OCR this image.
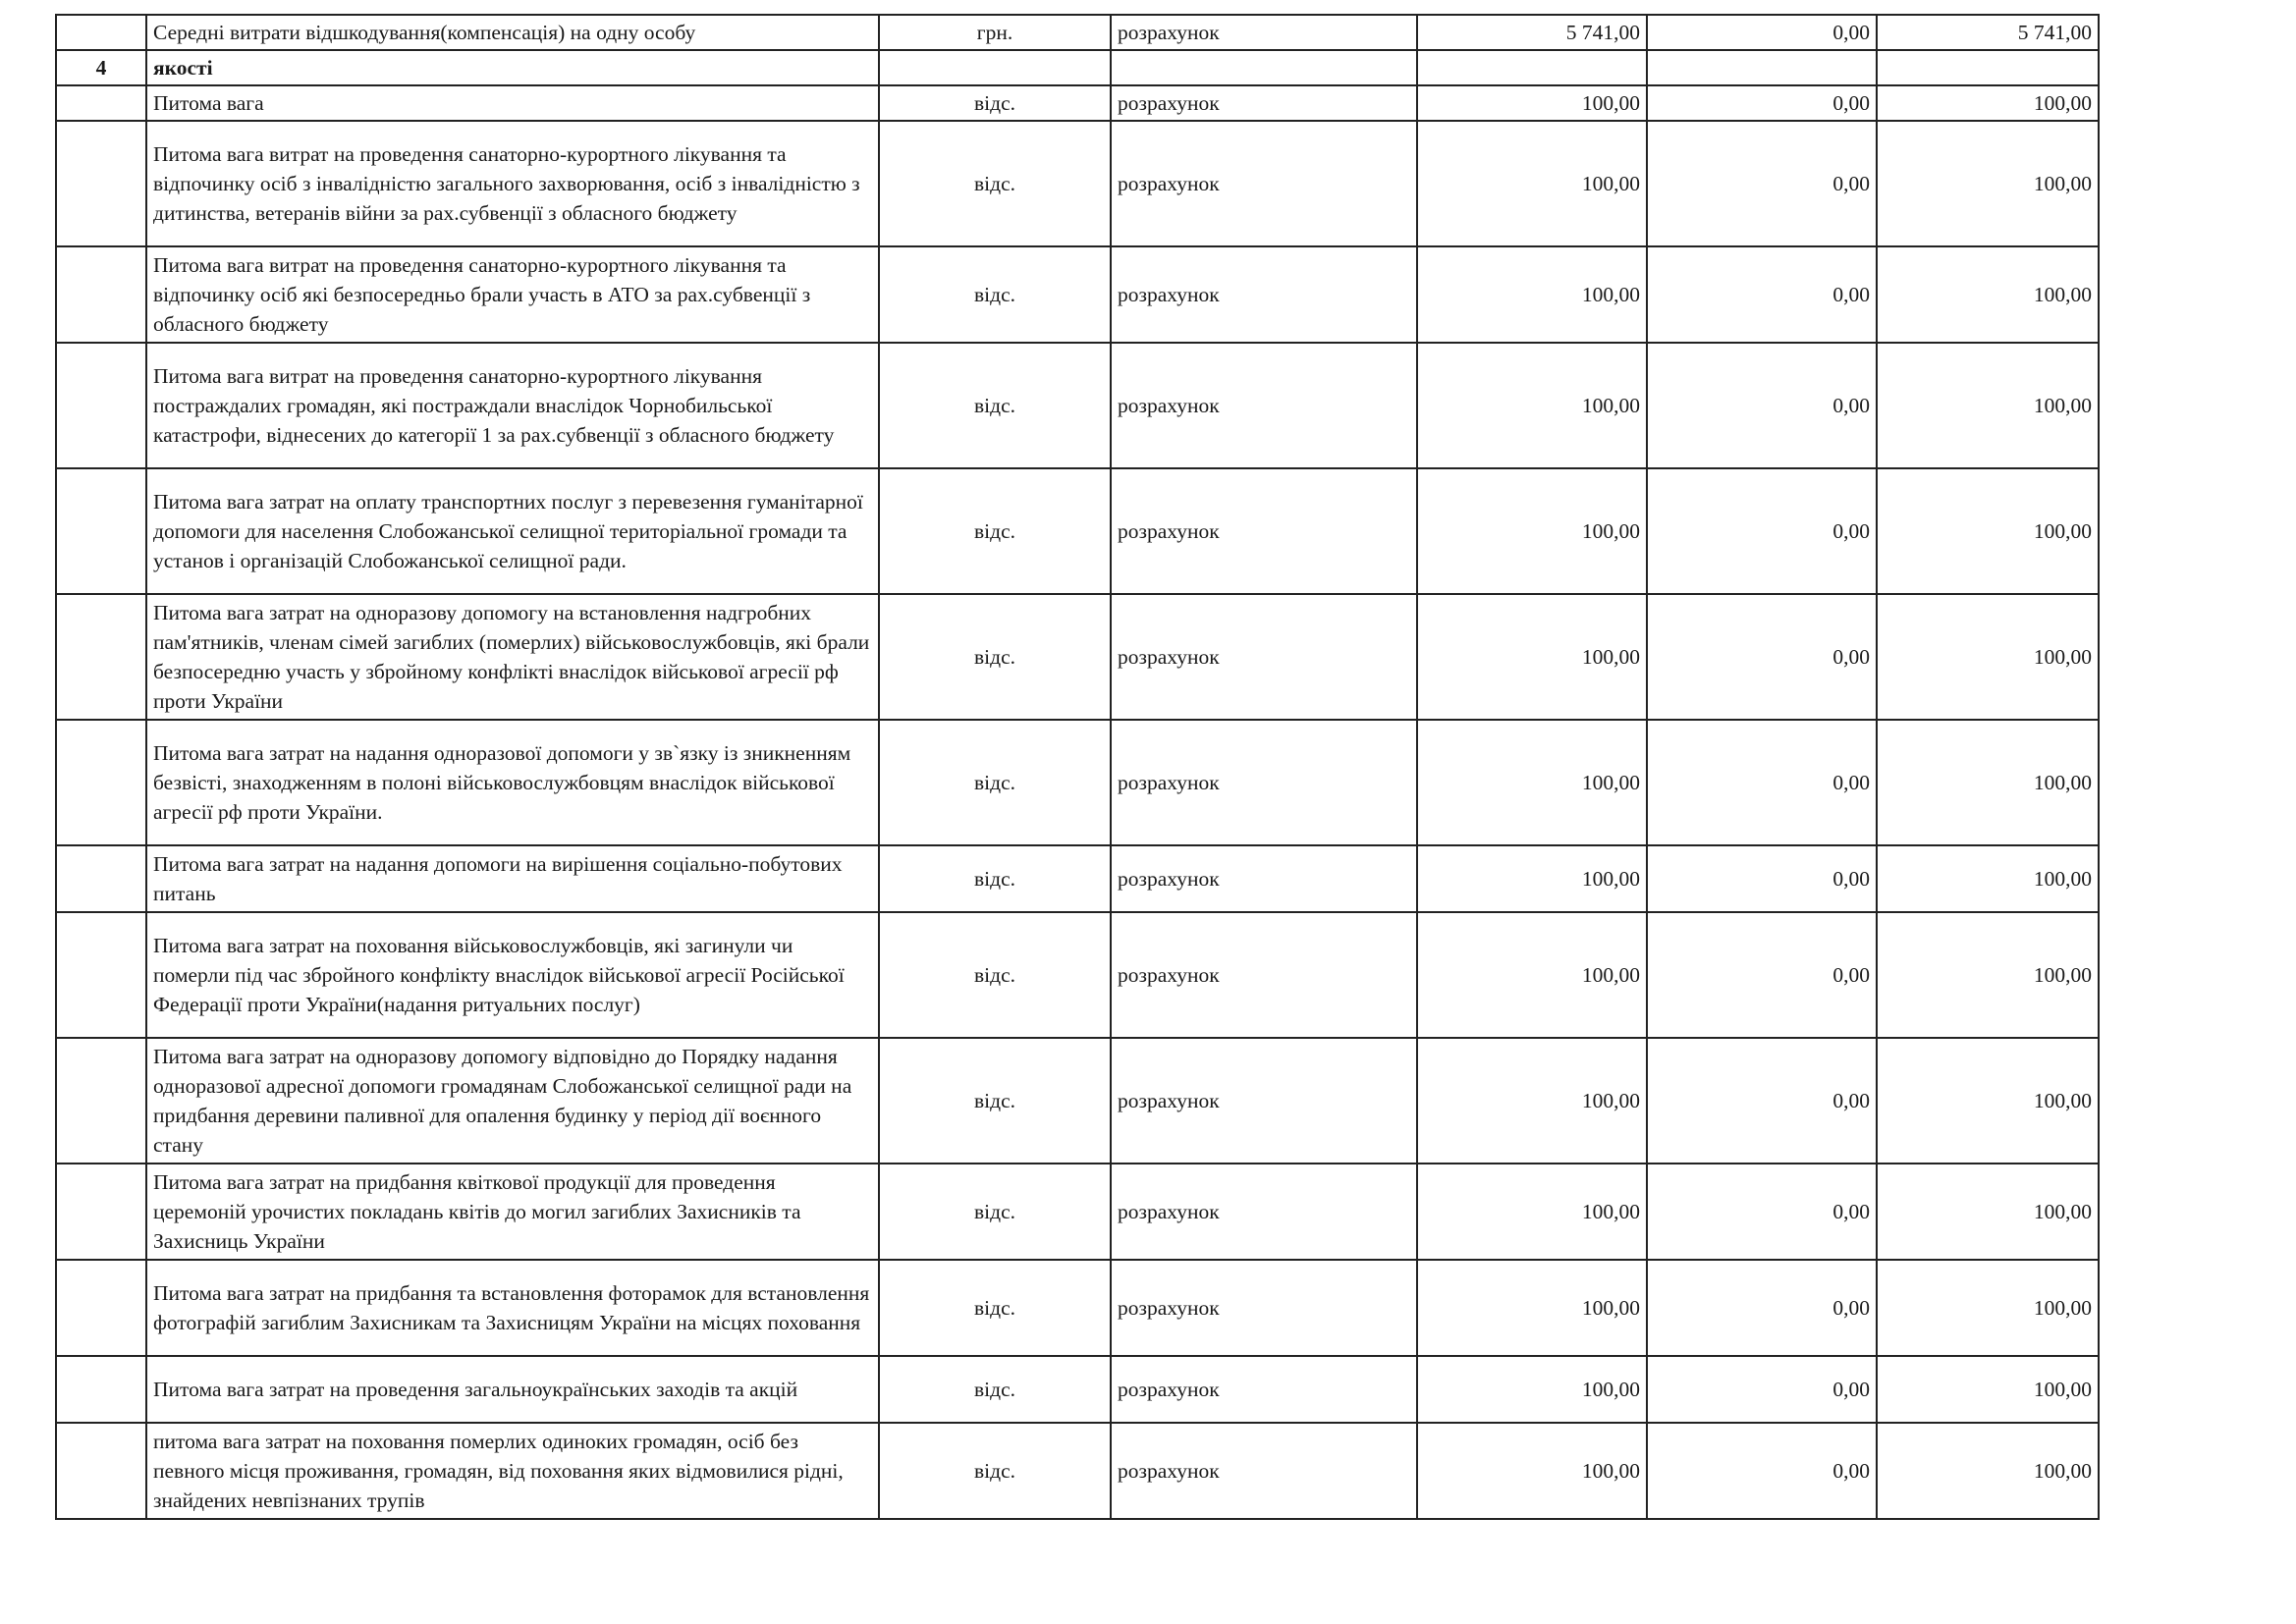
	Середні витрати відшкодування(компенсація) на одну особу	грн.	розрахунок	5 741,00	0,00	5 741,00
4	якості					
	Питома вага	відс.	розрахунок	100,00	0,00	100,00
	Питома вага витрат на проведення санаторно-курортного лікування та відпочинку осіб з інвалідністю загального захворювання, осіб з інвалідністю з дитинства, ветеранів війни за рах.субвенції з обласного бюджету	відс.	розрахунок	100,00	0,00	100,00
	Питома вага витрат на проведення санаторно-курортного лікування та відпочинку осіб які безпосередньо брали участь в АТО за рах.субвенції з обласного бюджету	відс.	розрахунок	100,00	0,00	100,00
	Питома вага витрат на проведення санаторно-курортного лікування постраждалих громадян, які постраждали внаслідок Чорнобильської катастрофи, віднесених до категорії 1 за рах.субвенції з обласного бюджету	відс.	розрахунок	100,00	0,00	100,00
	Питома вага затрат на оплату транспортних послуг з перевезення гуманітарної допомоги для населення Слобожанської селищної територіальної громади та установ і організацій Слобожанської селищної ради.	відс.	розрахунок	100,00	0,00	100,00
	Питома вага затрат на одноразову допомогу на встановлення надгробних пам'ятників, членам сімей загиблих (померлих) військовослужбовців, які брали безпосередню участь у збройному конфлікті внаслідок військової агресії рф проти України	відс.	розрахунок	100,00	0,00	100,00
	Питома вага затрат на надання одноразової допомоги у зв`язку із зникненням безвісті, знаходженням в полоні військовослужбовцям внаслідок військової агресії рф проти України.	відс.	розрахунок	100,00	0,00	100,00
	Питома вага затрат на надання допомоги на вирішення соціально-побутових питань	відс.	розрахунок	100,00	0,00	100,00
	Питома вага затрат на поховання військовослужбовців, які загинули чи померли під час збройного конфлікту внаслідок військової агресії Російської Федерації проти України(надання ритуальних послуг)	відс.	розрахунок	100,00	0,00	100,00
	Питома вага затрат на одноразову допомогу відповідно до Порядку надання одноразової адресної допомоги громадянам Слобожанської селищної ради на придбання деревини паливної для опалення будинку у період дії воєнного стану	відс.	розрахунок	100,00	0,00	100,00
	Питома вага затрат на придбання квіткової продукції для проведення церемоній урочистих покладань квітів до могил загиблих Захисників та Захисниць України	відс.	розрахунок	100,00	0,00	100,00
	Питома вага затрат на придбання та встановлення фоторамок для встановлення фотографій загиблим Захисникам та Захисницям України на місцях поховання	відс.	розрахунок	100,00	0,00	100,00
	Питома вага затрат на проведення загальноукраїнських заходів та акцій	відс.	розрахунок	100,00	0,00	100,00
	питома вага затрат на поховання померлих одиноких громадян, осіб без певного місця проживання, громадян, від поховання яких відмовилися рідні, знайдених невпізнаних трупів	відс.	розрахунок	100,00	0,00	100,00
